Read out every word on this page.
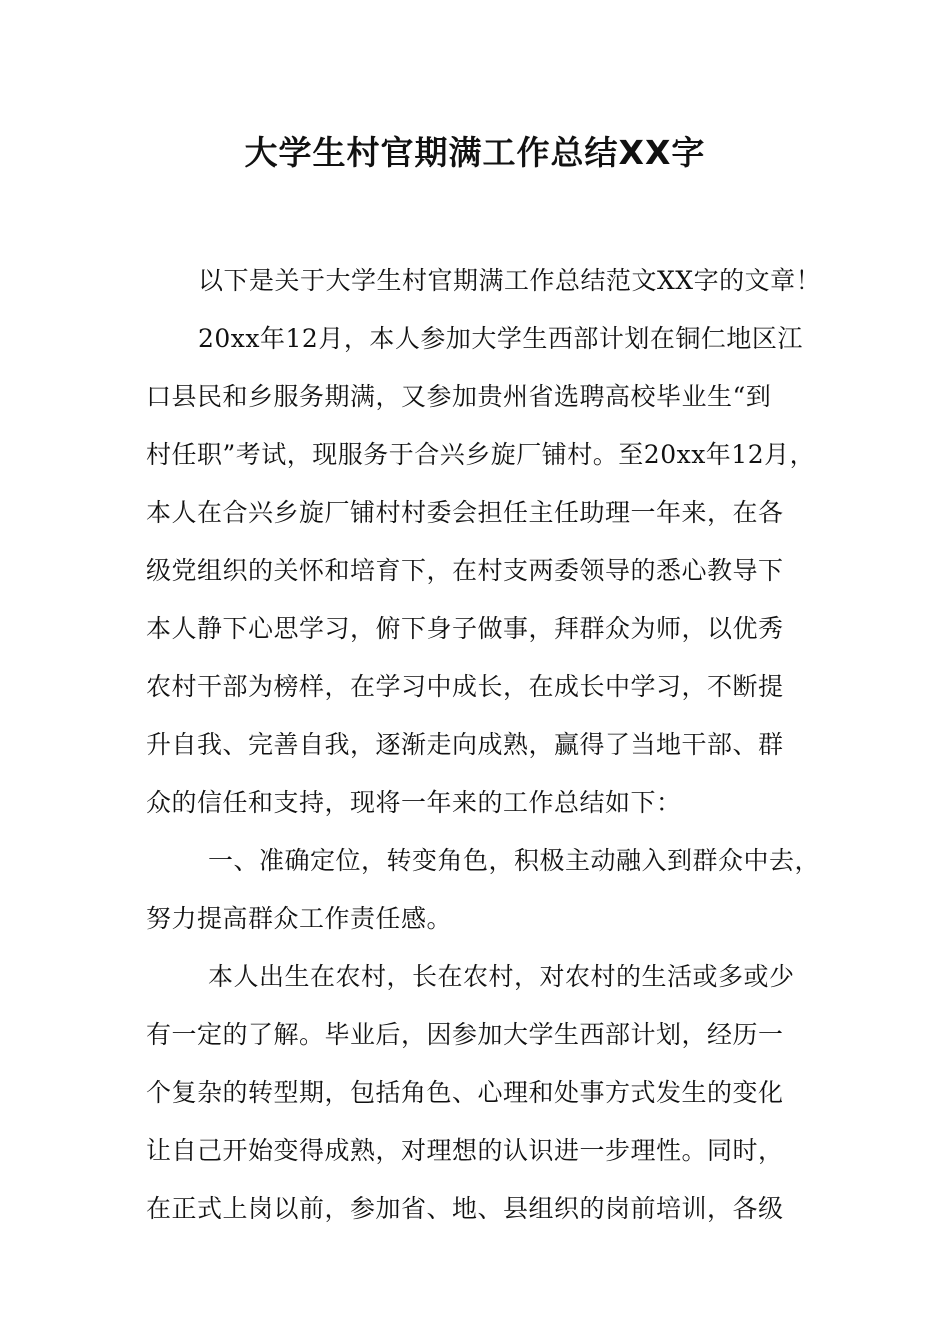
大学生村官期满工作总结XX字
以下是关于大学生村官期满工作总结范文XX字的文章！
20xx年12月，本人参加大学生西部计划在铜仁地区江
口县民和乡服务期满，又参加贵州省选聘高校毕业生“到
村任职”考试，现服务于合兴乡旋厂铺村。至20xx年12月，
本人在合兴乡旋厂铺村村委会担任主任助理一年来，在各
级党组织的关怀和培育下，在村支两委领导的悉心教导下
本人静下心思学习，俯下身子做事，拜群众为师，以优秀
农村干部为榜样，在学习中成长，在成长中学习，不断提
升自我、完善自我，逐渐走向成熟，赢得了当地干部、群
众的信任和支持，现将一年来的工作总结如下：
一、准确定位，转变角色，积极主动融入到群众中去，
努力提高群众工作责任感。
本人出生在农村，长在农村，对农村的生活或多或少
有一定的了解。毕业后，因参加大学生西部计划，经历一
个复杂的转型期，包括角色、心理和处事方式发生的变化
让自己开始变得成熟，对理想的认识进一步理性。同时，
在正式上岗以前，参加省、地、县组织的岗前培训，各级
